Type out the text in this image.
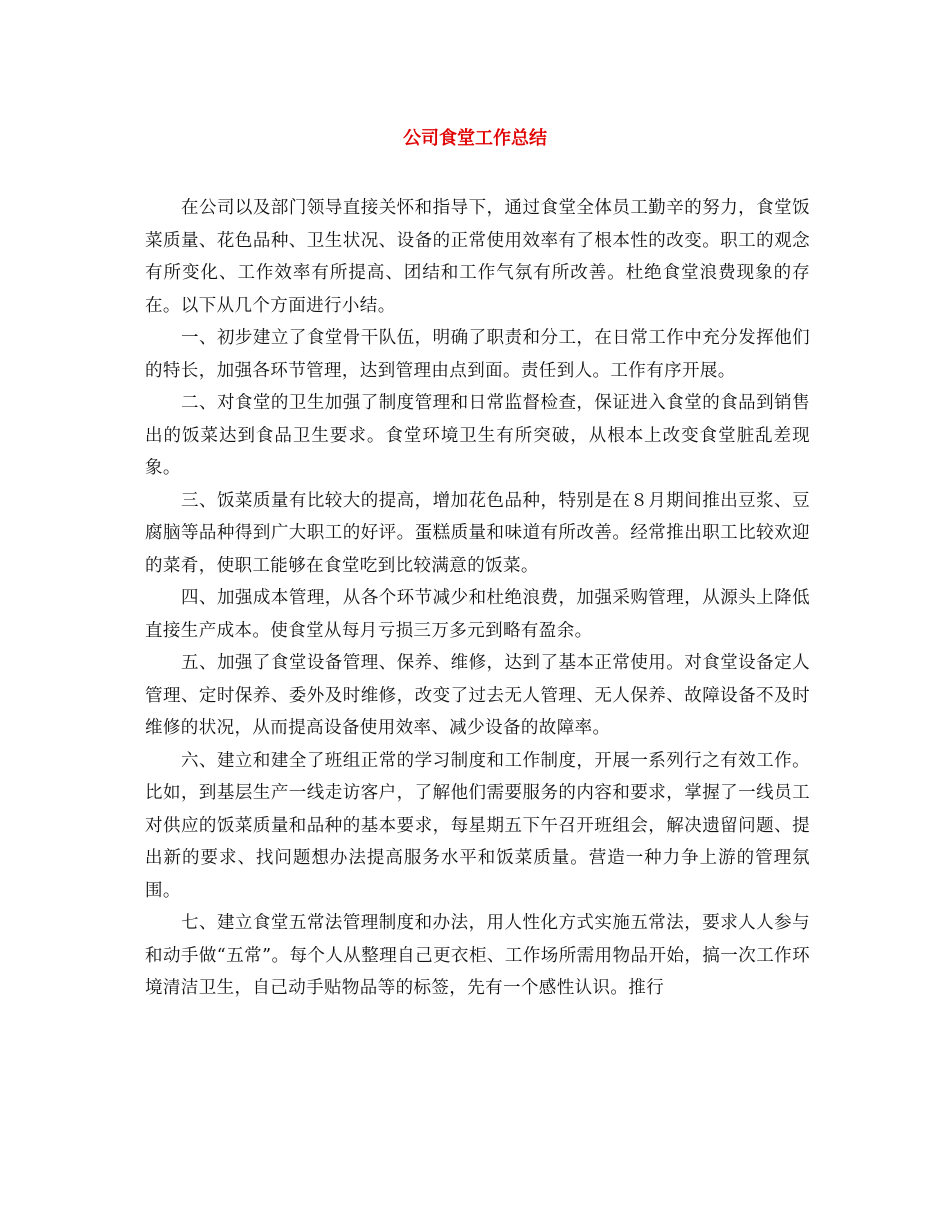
公司食堂工作总结

在公司以及部门领导直接关怀和指导下，通过食堂全体员工勤辛的努力，食堂饭菜质量、花色品种、卫生状况、设备的正常使用效率有了根本性的改变。职工的观念有所变化、工作效率有所提高、团结和工作气氛有所改善。杜绝食堂浪费现象的存在。以下从几个方面进行小结。

一、初步建立了食堂骨干队伍，明确了职责和分工，在日常工作中充分发挥他们的特长，加强各环节管理，达到管理由点到面。责任到人。工作有序开展。

二、对食堂的卫生加强了制度管理和日常监督检查，保证进入食堂的食品到销售出的饭菜达到食品卫生要求。食堂环境卫生有所突破，从根本上改变食堂脏乱差现象。

三、饭菜质量有比较大的提高，增加花色品种，特别是在８月期间推出豆浆、豆腐脑等品种得到广大职工的好评。蛋糕质量和味道有所改善。经常推出职工比较欢迎的菜肴，使职工能够在食堂吃到比较满意的饭菜。

四、加强成本管理，从各个环节减少和杜绝浪费，加强采购管理，从源头上降低直接生产成本。使食堂从每月亏损三万多元到略有盈余。

五、加强了食堂设备管理、保养、维修，达到了基本正常使用。对食堂设备定人管理、定时保养、委外及时维修，改变了过去无人管理、无人保养、故障设备不及时维修的状况，从而提高设备使用效率、减少设备的故障率。

六、建立和建全了班组正常的学习制度和工作制度，开展一系列行之有效工作。比如，到基层生产一线走访客户，了解他们需要服务的内容和要求，掌握了一线员工对供应的饭菜质量和品种的基本要求，每星期五下午召开班组会，解决遗留问题、提出新的要求、找问题想办法提高服务水平和饭菜质量。营造一种力争上游的管理氛围。

七、建立食堂五常法管理制度和办法，用人性化方式实施五常法，要求人人参与和动手做“五常”。每个人从整理自己更衣柜、工作场所需用物品开始，搞一次工作环境清洁卫生，自己动手贴物品等的标签，先有一个感性认识。推行
